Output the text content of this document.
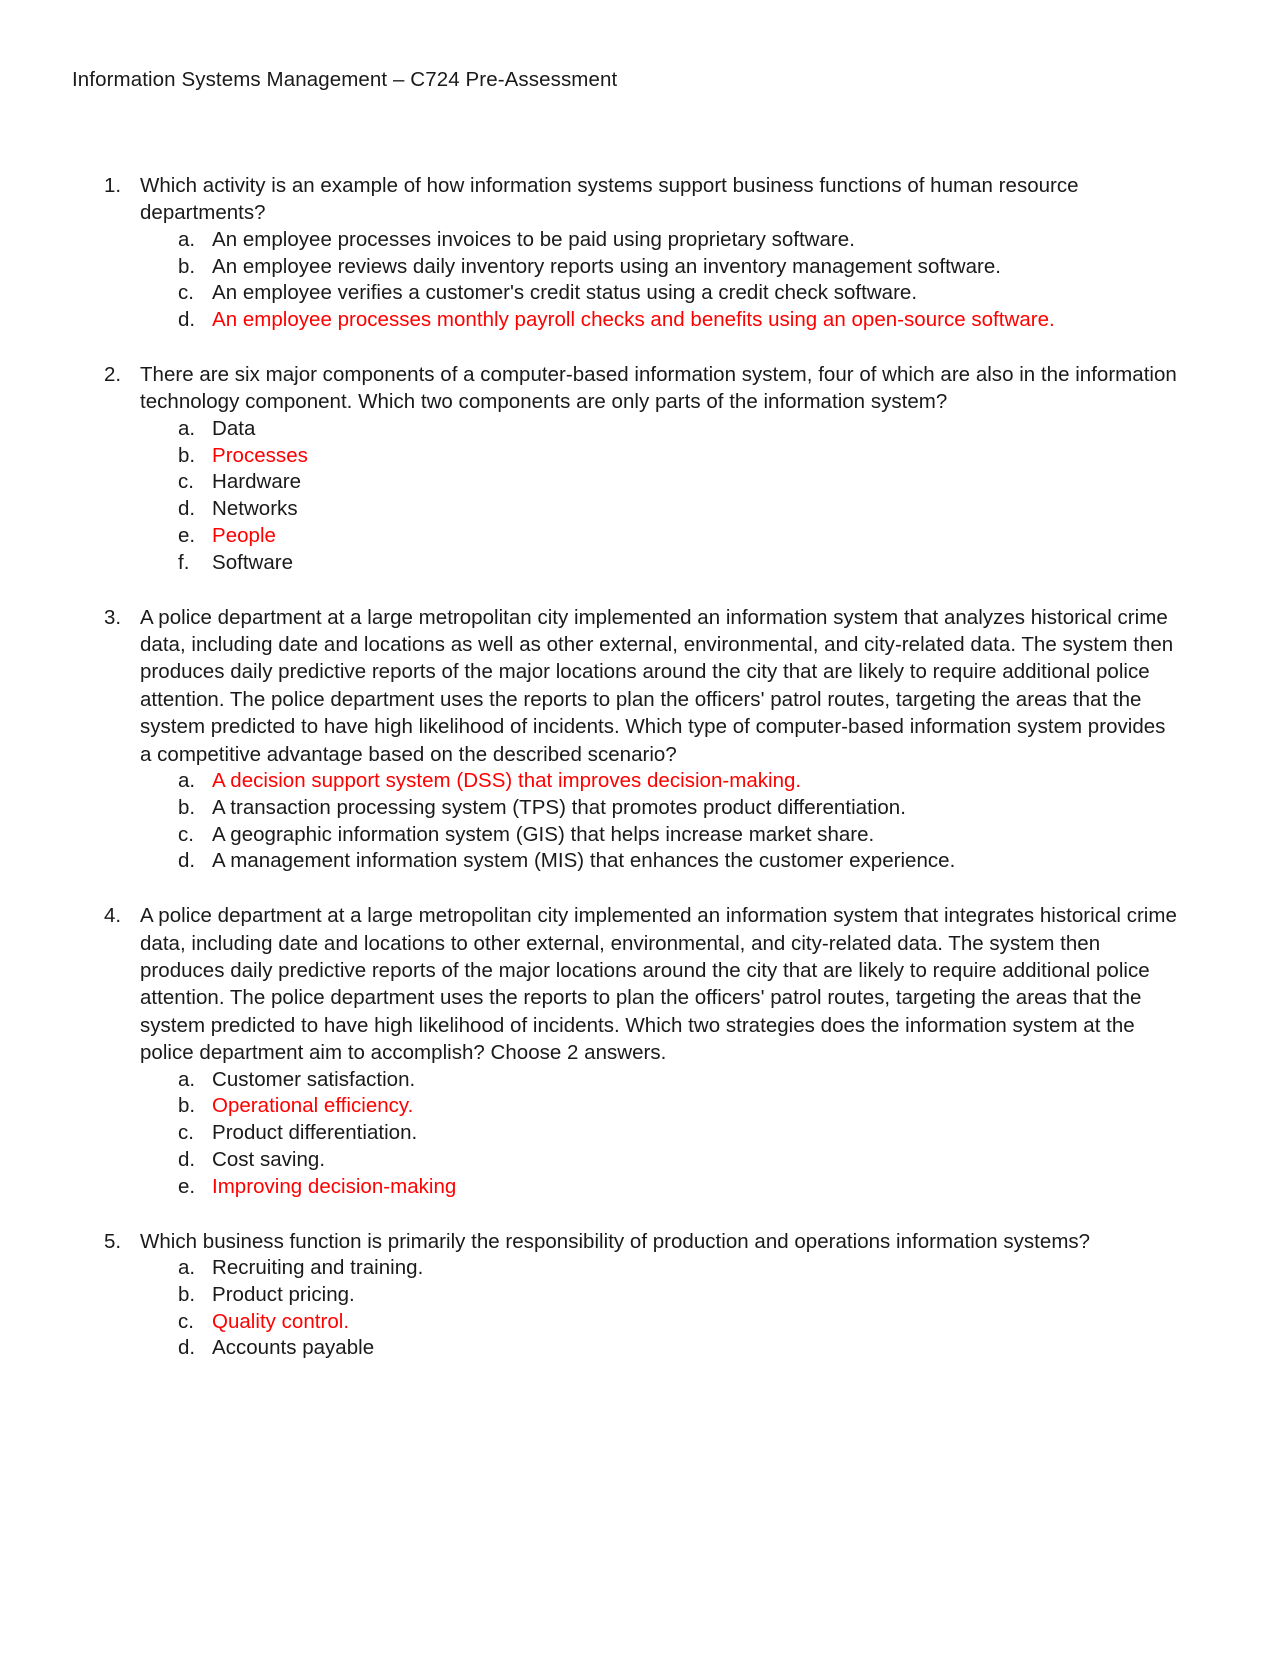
Information Systems Management – C724 Pre-Assessment
1. Which activity is an example of how information systems support business functions of human resource departments?
a. An employee processes invoices to be paid using proprietary software.
b. An employee reviews daily inventory reports using an inventory management software.
c. An employee verifies a customer's credit status using a credit check software.
d. An employee processes monthly payroll checks and benefits using an open-source software.
2. There are six major components of a computer-based information system, four of which are also in the information technology component. Which two components are only parts of the information system?
a. Data
b. Processes
c. Hardware
d. Networks
e. People
f.	Software
3. A police department at a large metropolitan city implemented an information system that analyzes historical crime data, including date and locations as well as other external, environmental, and city-related data. The system then produces daily predictive reports of the major locations around the city that are likely to require additional police attention. The police department uses the reports to plan the officers' patrol routes, targeting the areas that the system predicted to have high likelihood of incidents. Which type of computer-based information system provides a competitive advantage based on the described scenario?
a. A decision support system (DSS) that improves decision-making.
b. A transaction processing system (TPS) that promotes product differentiation.
c. A geographic information system (GIS) that helps increase market share.
d. A management information system (MIS) that enhances the customer experience.
4. A police department at a large metropolitan city implemented an information system that integrates historical crime data, including date and locations to other external, environmental, and city-related data. The system then produces daily predictive reports of the major locations around the city that are likely to require additional police attention. The police department uses the reports to plan the officers' patrol routes, targeting the areas that the system predicted to have high likelihood of incidents. Which two strategies does the information system at the police department aim to accomplish? Choose 2 answers.
a. Customer satisfaction.
b. Operational efficiency.
c. Product differentiation.
d. Cost saving.
e. Improving decision-making
5. Which business function is primarily the responsibility of production and operations information systems?
a. Recruiting and training.
b. Product pricing.
c. Quality control.
d. Accounts payable
